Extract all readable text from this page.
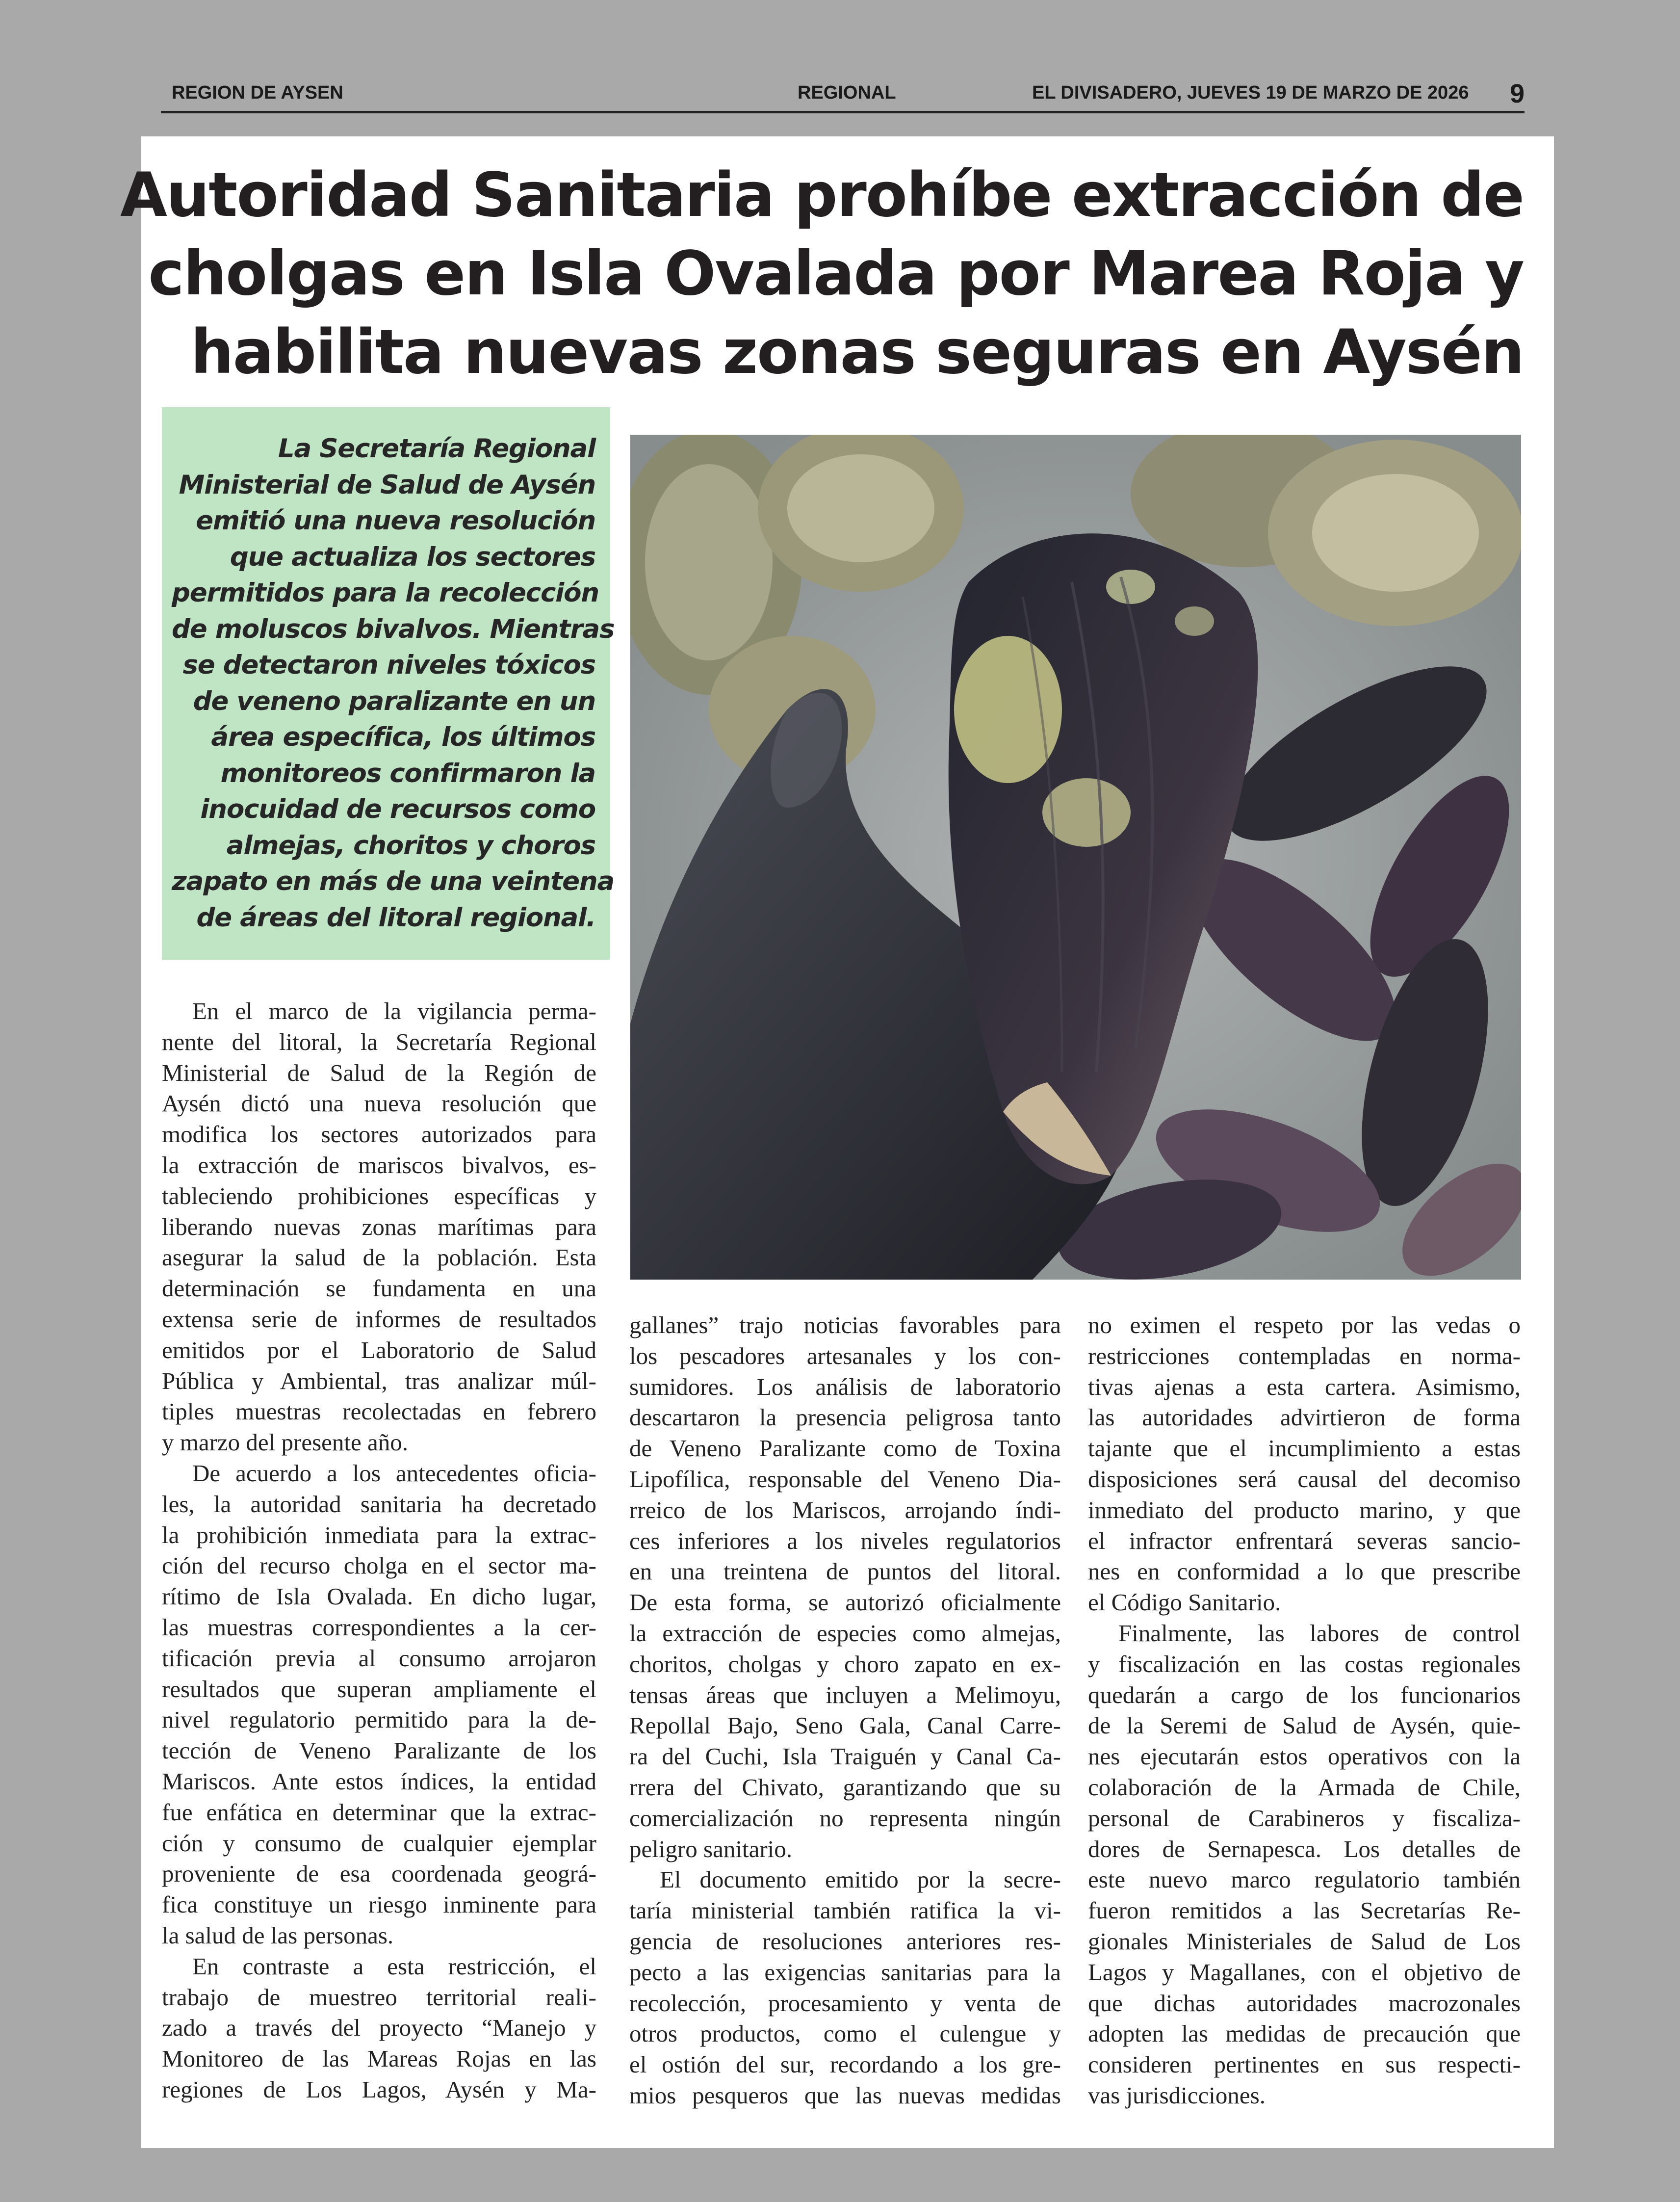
REGION DE AYSEN	REGIONAL	EL DIVISADERO, JUEVES 19 DE MARZO DE 2026 9
Autoridad Sanitaria prohíbe extracción de
cholgas en Isla Ovalada por Marea Roja y
habilita nuevas zonas seguras en Aysén
La Secretaría Regional
Ministerial de Salud de Aysén
emitió una nueva resolución
que actualiza los sectores
permitidos para la recolección
de moluscos bivalvos. Mientras
se detectaron niveles tóxicos
de veneno paralizante en un
área específica, los últimos
monitoreos confirmaron la
inocuidad de recursos como
almejas, choritos y choros
zapato en más de una veintena
de áreas del litoral regional.
En el marco de la vigilancia perma-
nente del litoral, la Secretaría Regional
Ministerial de Salud de la Región de
Aysén dictó una nueva resolución que
modifica los sectores autorizados para
la extracción de mariscos bivalvos, es-
tableciendo prohibiciones específicas y
liberando nuevas zonas marítimas para
asegurar la salud de la población. Esta
determinación se fundamenta en una
extensa serie de informes de resultados
emitidos por el Laboratorio de Salud
Pública y Ambiental, tras analizar múl-
tiples muestras recolectadas en febrero
y marzo del presente año.
De acuerdo a los antecedentes oficia-
les, la autoridad sanitaria ha decretado
la prohibición inmediata para la extrac-
ción del recurso cholga en el sector ma-
rítimo de Isla Ovalada. En dicho lugar,
las muestras correspondientes a la cer-
tificación previa al consumo arrojaron
resultados que superan ampliamente el
nivel regulatorio permitido para la de-
tección de Veneno Paralizante de los
Mariscos. Ante estos índices, la entidad
fue enfática en determinar que la extrac-
ción y consumo de cualquier ejemplar
proveniente de esa coordenada geográ-
fica constituye un riesgo inminente para
la salud de las personas.
En contraste a esta restricción, el
trabajo de muestreo territorial reali-
zado a través del proyecto “Manejo y
Monitoreo de las Mareas Rojas en las
regiones de Los Lagos, Aysén y Ma-
gallanes” trajo noticias favorables para
los pescadores artesanales y los con-
sumidores. Los análisis de laboratorio
descartaron la presencia peligrosa tanto
de Veneno Paralizante como de Toxina
Lipofílica, responsable del Veneno Dia-
rreico de los Mariscos, arrojando índi-
ces inferiores a los niveles regulatorios
en una treintena de puntos del litoral.
De esta forma, se autorizó oficialmente
la extracción de especies como almejas,
choritos, cholgas y choro zapato en ex-
tensas áreas que incluyen a Melimoyu,
Repollal Bajo, Seno Gala, Canal Carre-
ra del Cuchi, Isla Traiguén y Canal Ca-
rrera del Chivato, garantizando que su
comercialización no representa ningún
peligro sanitario.
El documento emitido por la secre-
taría ministerial también ratifica la vi-
gencia de resoluciones anteriores res-
pecto a las exigencias sanitarias para la
recolección, procesamiento y venta de
otros productos, como el culengue y
el ostión del sur, recordando a los gre-
mios pesqueros que las nuevas medidas
no eximen el respeto por las vedas o
restricciones contempladas en norma-
tivas ajenas a esta cartera. Asimismo,
las autoridades advirtieron de forma
tajante que el incumplimiento a estas
disposiciones será causal del decomiso
inmediato del producto marino, y que
el infractor enfrentará severas sancio-
nes en conformidad a lo que prescribe
el Código Sanitario.
Finalmente, las labores de control
y fiscalización en las costas regionales
quedarán a cargo de los funcionarios
de la Seremi de Salud de Aysén, quie-
nes ejecutarán estos operativos con la
colaboración de la Armada de Chile,
personal de Carabineros y fiscaliza-
dores de Sernapesca. Los detalles de
este nuevo marco regulatorio también
fueron remitidos a las Secretarías Re-
gionales Ministeriales de Salud de Los
Lagos y Magallanes, con el objetivo de
que dichas autoridades macrozonales
adopten las medidas de precaución que
consideren pertinentes en sus respecti-
vas jurisdicciones.
